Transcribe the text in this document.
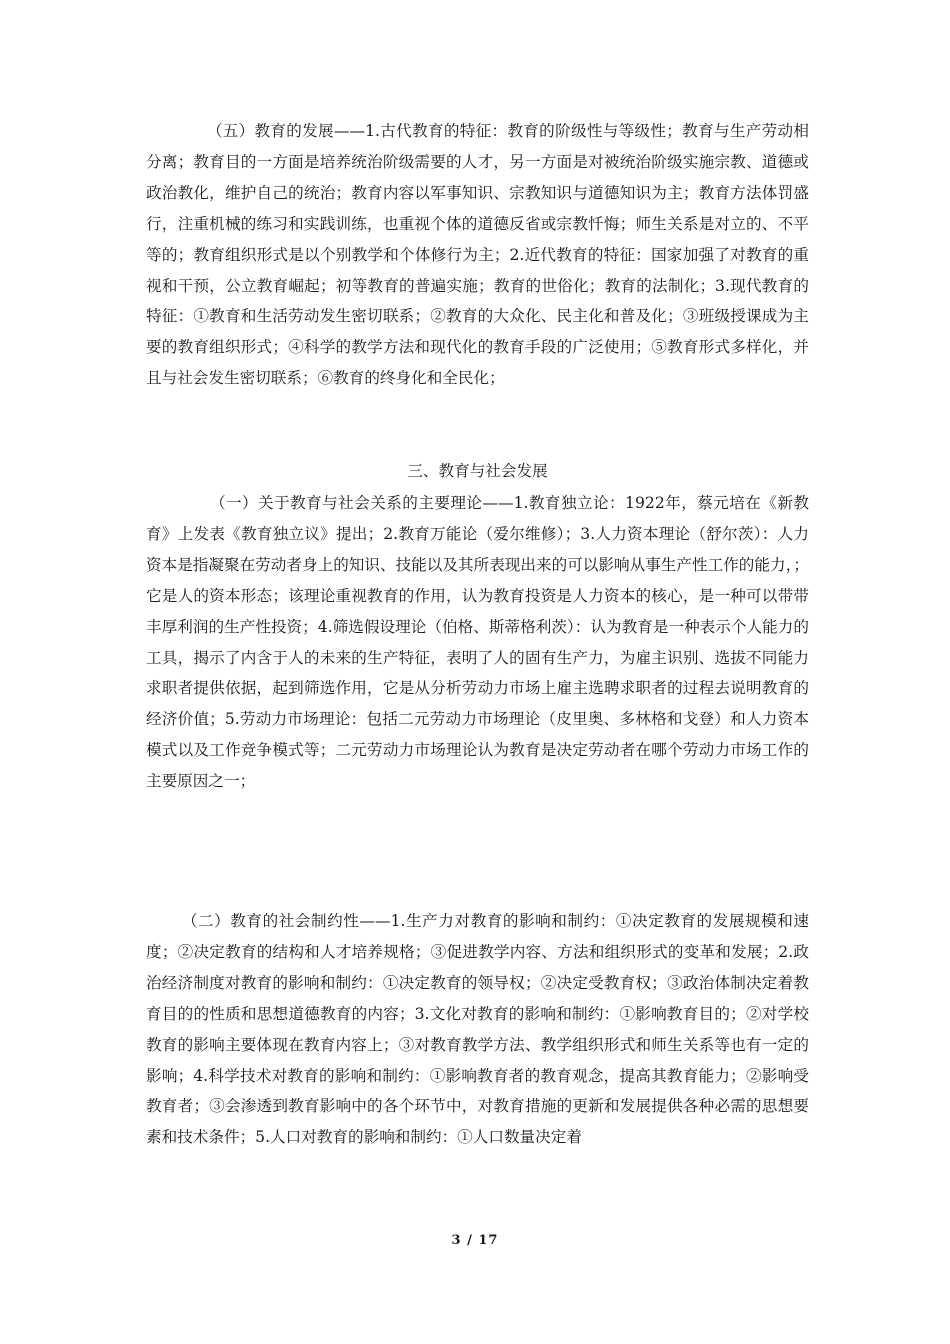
（五）教育的发展——1.古代教育的特征：教育的阶级性与等级性；教育与生产劳动相分离；教育目的一方面是培养统治阶级需要的人才，另一方面是对被统治阶级实施宗教、道德或政治教化，维护自己的统治；教育内容以军事知识、宗教知识与道德知识为主；教育方法体罚盛行，注重机械的练习和实践训练，也重视个体的道德反省或宗教忏悔；师生关系是对立的、不平等的；教育组织形式是以个别教学和个体修行为主；2.近代教育的特征：国家加强了对教育的重视和干预，公立教育崛起；初等教育的普遍实施；教育的世俗化；教育的法制化；3.现代教育的特征：①教育和生活劳动发生密切联系；②教育的大众化、民主化和普及化；③班级授课成为主要的教育组织形式；④科学的教学方法和现代化的教育手段的广泛使用；⑤教育形式多样化，并且与社会发生密切联系；⑥教育的终身化和全民化；

三、教育与社会发展

（一）关于教育与社会关系的主要理论——1.教育独立论：1922年，蔡元培在《新教育》上发表《教育独立议》提出；2.教育万能论（爱尔维修）；3.人力资本理论（舒尔茨）：人力资本是指凝聚在劳动者身上的知识、技能以及其所表现出来的可以影响从事生产性工作的能力，；它是人的资本形态；该理论重视教育的作用，认为教育投资是人力资本的核心，是一种可以带带丰厚利润的生产性投资；4.筛选假设理论（伯格、斯蒂格利茨）：认为教育是一种表示个人能力的工具，揭示了内含于人的未来的生产特征，表明了人的固有生产力，为雇主识别、选拔不同能力求职者提供依据，起到筛选作用，它是从分析劳动力市场上雇主选聘求职者的过程去说明教育的经济价值；5.劳动力市场理论：包括二元劳动力市场理论（皮里奥、多林格和戈登）和人力资本模式以及工作竞争模式等；二元劳动力市场理论认为教育是决定劳动者在哪个劳动力市场工作的主要原因之一；

（二）教育的社会制约性——1.生产力对教育的影响和制约：①决定教育的发展规模和速度；②决定教育的结构和人才培养规格；③促进教学内容、方法和组织形式的变革和发展；2.政治经济制度对教育的影响和制约：①决定教育的领导权；②决定受教育权；③政治体制决定着教育目的的性质和思想道德教育的内容；3.文化对教育的影响和制约：①影响教育目的；②对学校教育的影响主要体现在教育内容上；③对教育教学方法、教学组织形式和师生关系等也有一定的影响；4.科学技术对教育的影响和制约：①影响教育者的教育观念，提高其教育能力；②影响受教育者；③会渗透到教育影响中的各个环节中，对教育措施的更新和发展提供各种必需的思想要素和技术条件；5.人口对教育的影响和制约：①人口数量决定着

3 / 17
